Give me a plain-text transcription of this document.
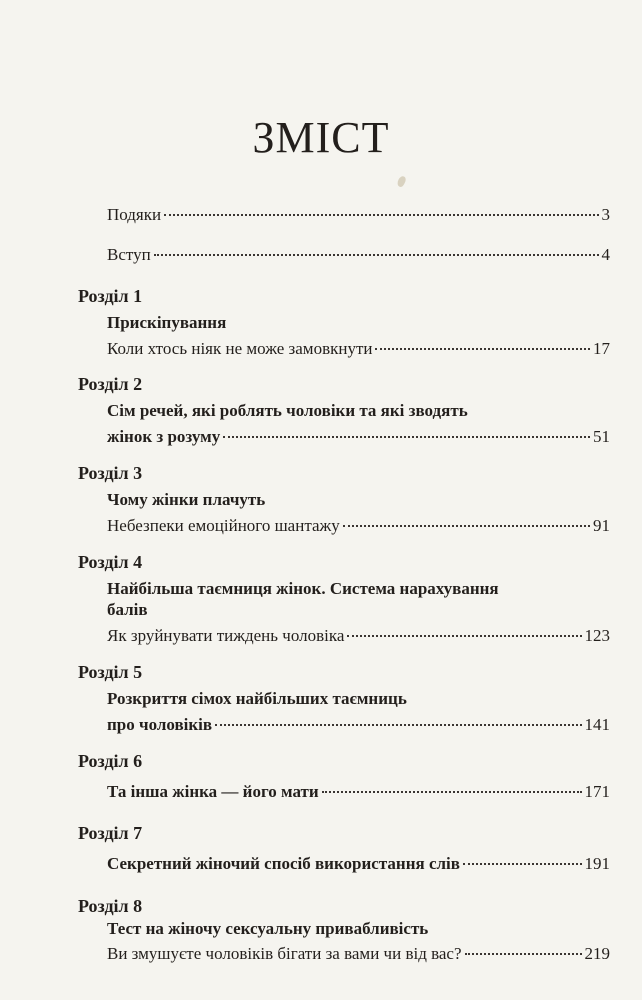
ЗМІСТ
Подяки	3
Вступ	4
Розділ 1
Прискіпування
Коли хтось ніяк не може замовкнути	17
Розділ 2
Сім речей, які роблять чоловіки та які зводять
жінок з розуму	51
Розділ 3
Чому жінки плачуть
Небезпеки емоційного шантажу	91
Розділ 4
Найбільша таємниця жінок. Система нарахування
балів
Як зруйнувати тиждень чоловіка	123
Розділ 5
Розкриття сімох найбільших таємниць
про чоловіків	141
Розділ 6
Та інша жінка — його мати	171
Розділ 7
Секретний жіночий спосіб використання слів	191
Розділ 8
Тест на жіночу сексуальну привабливість
Ви змушуєте чоловіків бігати за вами чи від вас?	219
